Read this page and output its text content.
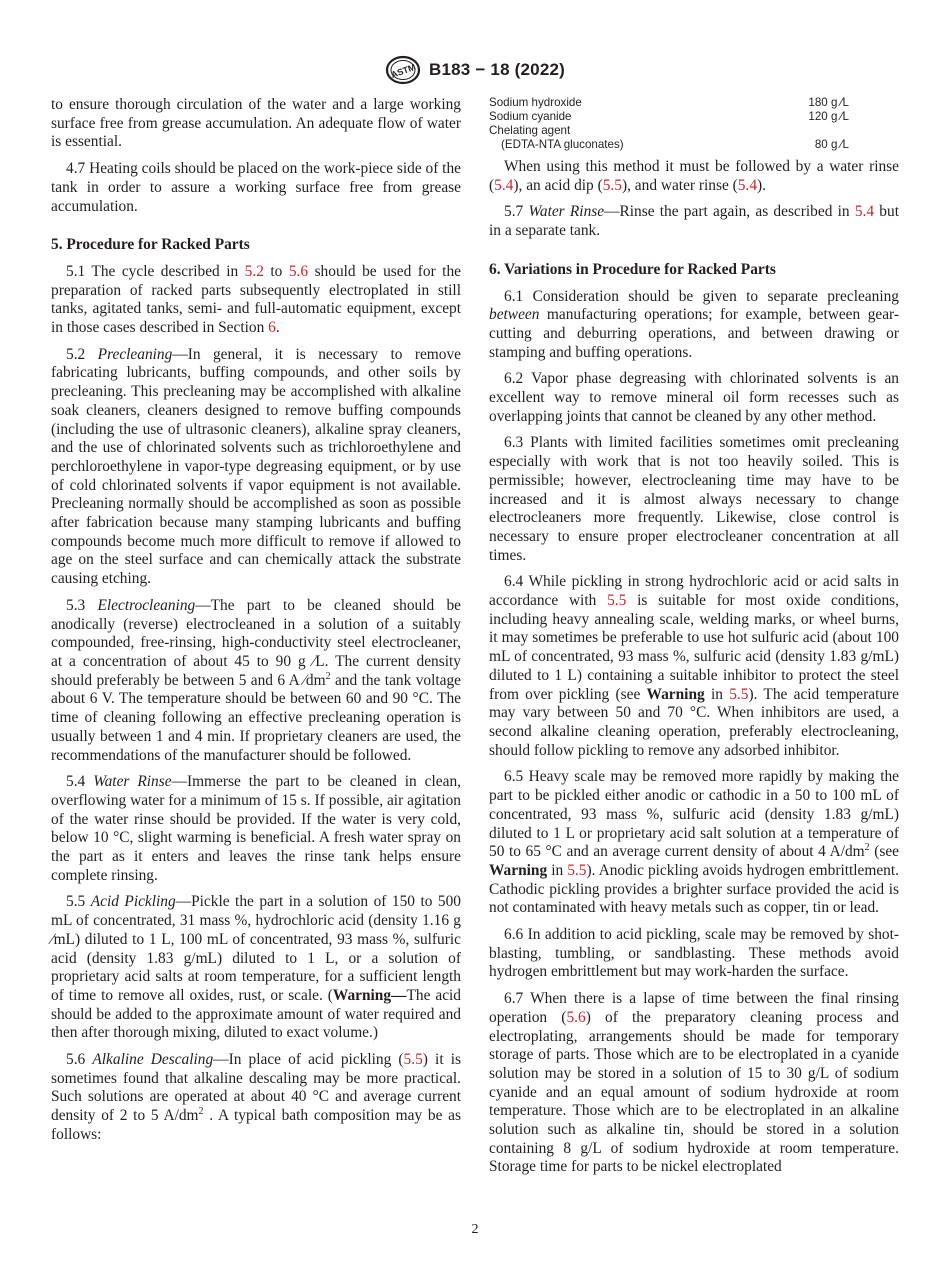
ASTM B183 − 18 (2022)

to ensure thorough circulation of the water and a large working surface free from grease accumulation. An adequate flow of water is essential.

4.7 Heating coils should be placed on the work-piece side of the tank in order to assure a working surface free from grease accumulation.

5. Procedure for Racked Parts

5.1 The cycle described in 5.2 to 5.6 should be used for the preparation of racked parts subsequently electroplated in still tanks, agitated tanks, semi- and full-automatic equipment, except in those cases described in Section 6.

5.2 Precleaning—In general, it is necessary to remove fabricating lubricants, buffing compounds, and other soils by precleaning. This precleaning may be accomplished with alkaline soak cleaners, cleaners designed to remove buffing compounds (including the use of ultrasonic cleaners), alkaline spray cleaners, and the use of chlorinated solvents such as trichloroethylene and perchloroethylene in vapor-type degreasing equipment, or by use of cold chlorinated solvents if vapor equipment is not available. Precleaning normally should be accomplished as soon as possible after fabrication because many stamping lubricants and buffing compounds become much more difficult to remove if allowed to age on the steel surface and can chemically attack the substrate causing etching.

5.3 Electrocleaning—The part to be cleaned should be anodically (reverse) electrocleaned in a solution of a suitably compounded, free-rinsing, high-conductivity steel electrocleaner, at a concentration of about 45 to 90 g ⁄L. The current density should preferably be between 5 and 6 A $⁄dm^2$ and the tank voltage about 6 V. The temperature should be between 60 and 90 °C. The time of cleaning following an effective precleaning operation is usually between 1 and 4 min. If proprietary cleaners are used, the recommendations of the manufacturer should be followed.

5.4 Water Rinse—Immerse the part to be cleaned in clean, overflowing water for a minimum of 15 s. If possible, air agitation of the water rinse should be provided. If the water is very cold, below 10 °C, slight warming is beneficial. A fresh water spray on the part as it enters and leaves the rinse tank helps ensure complete rinsing.

5.5 Acid Pickling—Pickle the part in a solution of 150 to 500 mL of concentrated, 31 mass %, hydrochloric acid (density 1.16 g ⁄mL) diluted to 1 L, 100 mL of concentrated, 93 mass %, sulfuric acid (density 1.83 g/mL) diluted to 1 L, or a solution of proprietary acid salts at room temperature, for a sufficient length of time to remove all oxides, rust, or scale. (Warning—The acid should be added to the approximate amount of water required and then after thorough mixing, diluted to exact volume.)

5.6 Alkaline Descaling—In place of acid pickling (5.5) it is sometimes found that alkaline descaling may be more practical. Such solutions are operated at about 40 °C and average current density of 2 to 5 $A/dm^2$ . A typical bath composition may be as follows:

Sodium hydroxide	180 g ⁄L
Sodium cyanide	120 g ⁄L
Chelating agent
(EDTA-NTA gluconates)	80 g ⁄L

When using this method it must be followed by a water rinse (5.4), an acid dip (5.5), and water rinse (5.4).

5.7 Water Rinse—Rinse the part again, as described in 5.4 but in a separate tank.

6. Variations in Procedure for Racked Parts

6.1 Consideration should be given to separate precleaning between manufacturing operations; for example, between gear-cutting and deburring operations, and between drawing or stamping and buffing operations.

6.2 Vapor phase degreasing with chlorinated solvents is an excellent way to remove mineral oil form recesses such as overlapping joints that cannot be cleaned by any other method.

6.3 Plants with limited facilities sometimes omit precleaning especially with work that is not too heavily soiled. This is permissible; however, electrocleaning time may have to be increased and it is almost always necessary to change electrocleaners more frequently. Likewise, close control is necessary to ensure proper electrocleaner concentration at all times.

6.4 While pickling in strong hydrochloric acid or acid salts in accordance with 5.5 is suitable for most oxide conditions, including heavy annealing scale, welding marks, or wheel burns, it may sometimes be preferable to use hot sulfuric acid (about 100 mL of concentrated, 93 mass %, sulfuric acid (density 1.83 g/mL) diluted to 1 L) containing a suitable inhibitor to protect the steel from over pickling (see Warning in 5.5). The acid temperature may vary between 50 and 70 °C. When inhibitors are used, a second alkaline cleaning operation, preferably electrocleaning, should follow pickling to remove any adsorbed inhibitor.

6.5 Heavy scale may be removed more rapidly by making the part to be pickled either anodic or cathodic in a 50 to 100 mL of concentrated, 93 mass %, sulfuric acid (density 1.83 g/mL) diluted to 1 L or proprietary acid salt solution at a temperature of 50 to 65 °C and an average current density of about 4 $A/dm^2$ (see Warning in 5.5). Anodic pickling avoids hydrogen embrittlement. Cathodic pickling provides a brighter surface provided the acid is not contaminated with heavy metals such as copper, tin or lead.

6.6 In addition to acid pickling, scale may be removed by shot-blasting, tumbling, or sandblasting. These methods avoid hydrogen embrittlement but may work-harden the surface.

6.7 When there is a lapse of time between the final rinsing operation (5.6) of the preparatory cleaning process and electroplating, arrangements should be made for temporary storage of parts. Those which are to be electroplated in a cyanide solution may be stored in a solution of 15 to 30 g/L of sodium cyanide and an equal amount of sodium hydroxide at room temperature. Those which are to be electroplated in an alkaline solution such as alkaline tin, should be stored in a solution containing 8 g/L of sodium hydroxide at room temperature. Storage time for parts to be nickel electroplated

2
